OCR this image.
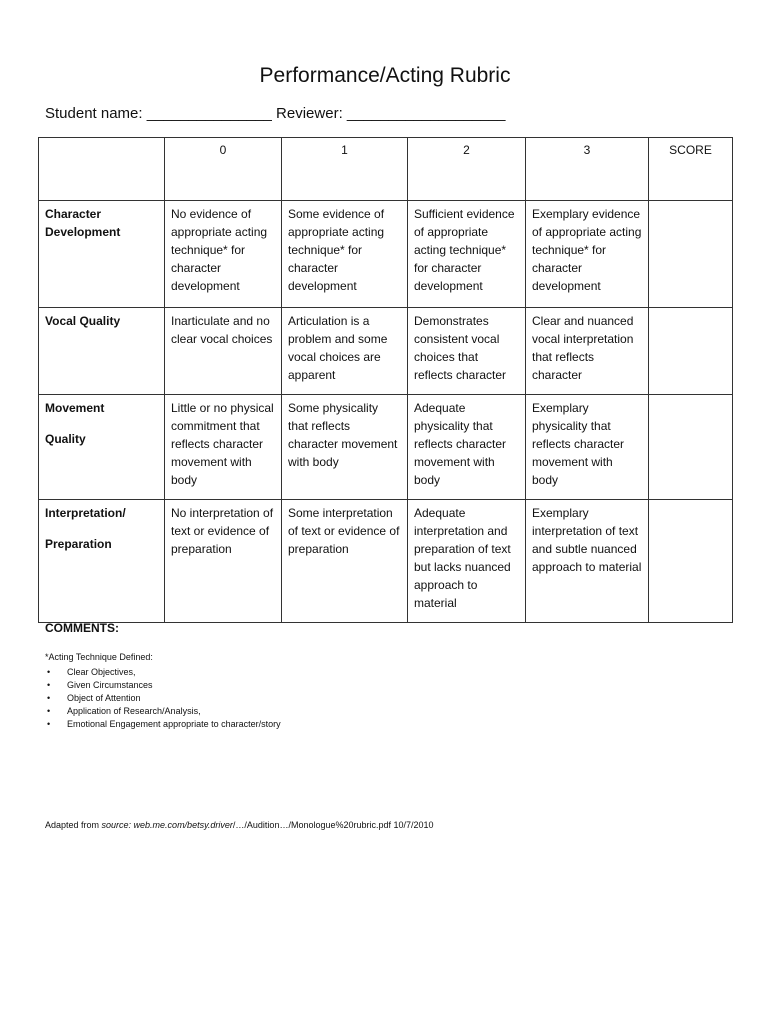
Performance/Acting Rubric
Student name: _______________ Reviewer: ___________________
	0	1	2	3	SCORE
Character
Development	No evidence of appropriate acting technique* for character development	Some evidence of appropriate acting technique* for character development	Sufficient evidence of appropriate acting technique* for character development	Exemplary evidence of appropriate acting technique* for character development	
Vocal Quality	Inarticulate and no clear vocal choices	Articulation is a problem and some vocal choices are apparent	Demonstrates consistent vocal choices that reflects character	Clear and nuanced vocal interpretation that reflects character	
Movement
Quality	Little or no physical commitment that reflects character movement with body	Some physicality that reflects character movement with body	Adequate physicality that reflects character movement with body	Exemplary physicality that reflects character movement with body	
Interpretation/
Preparation	No interpretation of text or evidence of preparation	Some interpretation of text or evidence of preparation	Adequate interpretation and preparation of text but lacks nuanced approach to material	Exemplary interpretation of text and subtle nuanced approach to material	
COMMENTS:
*Acting Technique Defined:
• Clear Objectives,
• Given Circumstances
• Object of Attention
• Application of Research/Analysis,
• Emotional Engagement appropriate to character/story
Adapted from source: web.me.com/betsy.driver/…/Audition…/Monologue%20rubric.pdf 10/7/2010
